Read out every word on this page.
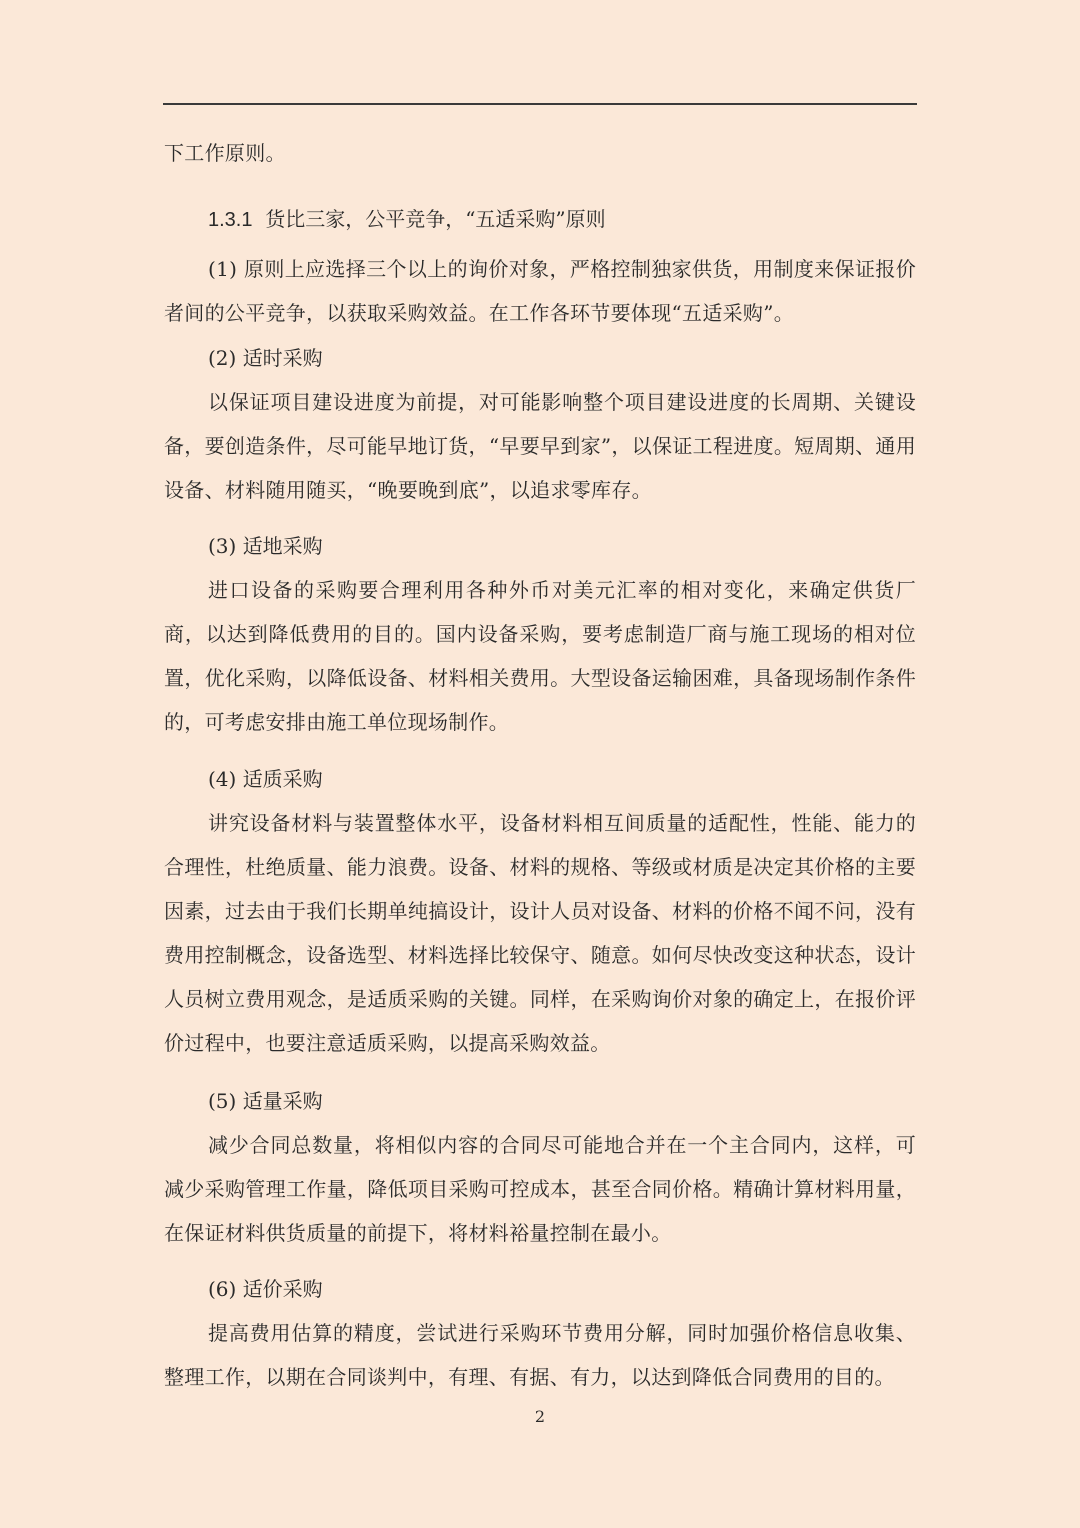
下工作原则。

1.3.1 货比三家，公平竞争，“五适采购”原则

(1) 原则上应选择三个以上的询价对象，严格控制独家供货，用制度来保证报价者间的公平竞争，以获取采购效益。在工作各环节要体现“五适采购”。

(2) 适时采购

以保证项目建设进度为前提，对可能影响整个项目建设进度的长周期、关键设备，要创造条件，尽可能早地订货，“早要早到家”，以保证工程进度。短周期、通用设备、材料随用随买，“晚要晚到底”，以追求零库存。

(3) 适地采购

进口设备的采购要合理利用各种外币对美元汇率的相对变化，来确定供货厂商，以达到降低费用的目的。国内设备采购，要考虑制造厂商与施工现场的相对位置，优化采购，以降低设备、材料相关费用。大型设备运输困难，具备现场制作条件的，可考虑安排由施工单位现场制作。

(4) 适质采购

讲究设备材料与装置整体水平，设备材料相互间质量的适配性，性能、能力的合理性，杜绝质量、能力浪费。设备、材料的规格、等级或材质是决定其价格的主要因素，过去由于我们长期单纯搞设计，设计人员对设备、材料的价格不闻不问，没有费用控制概念，设备选型、材料选择比较保守、随意。如何尽快改变这种状态，设计人员树立费用观念，是适质采购的关键。同样，在采购询价对象的确定上，在报价评价过程中，也要注意适质采购，以提高采购效益。

(5) 适量采购

减少合同总数量，将相似内容的合同尽可能地合并在一个主合同内，这样，可减少采购管理工作量，降低项目采购可控成本，甚至合同价格。精确计算材料用量，在保证材料供货质量的前提下，将材料裕量控制在最小。

(6) 适价采购

提高费用估算的精度，尝试进行采购环节费用分解，同时加强价格信息收集、整理工作，以期在合同谈判中，有理、有据、有力，以达到降低合同费用的目的。

2
